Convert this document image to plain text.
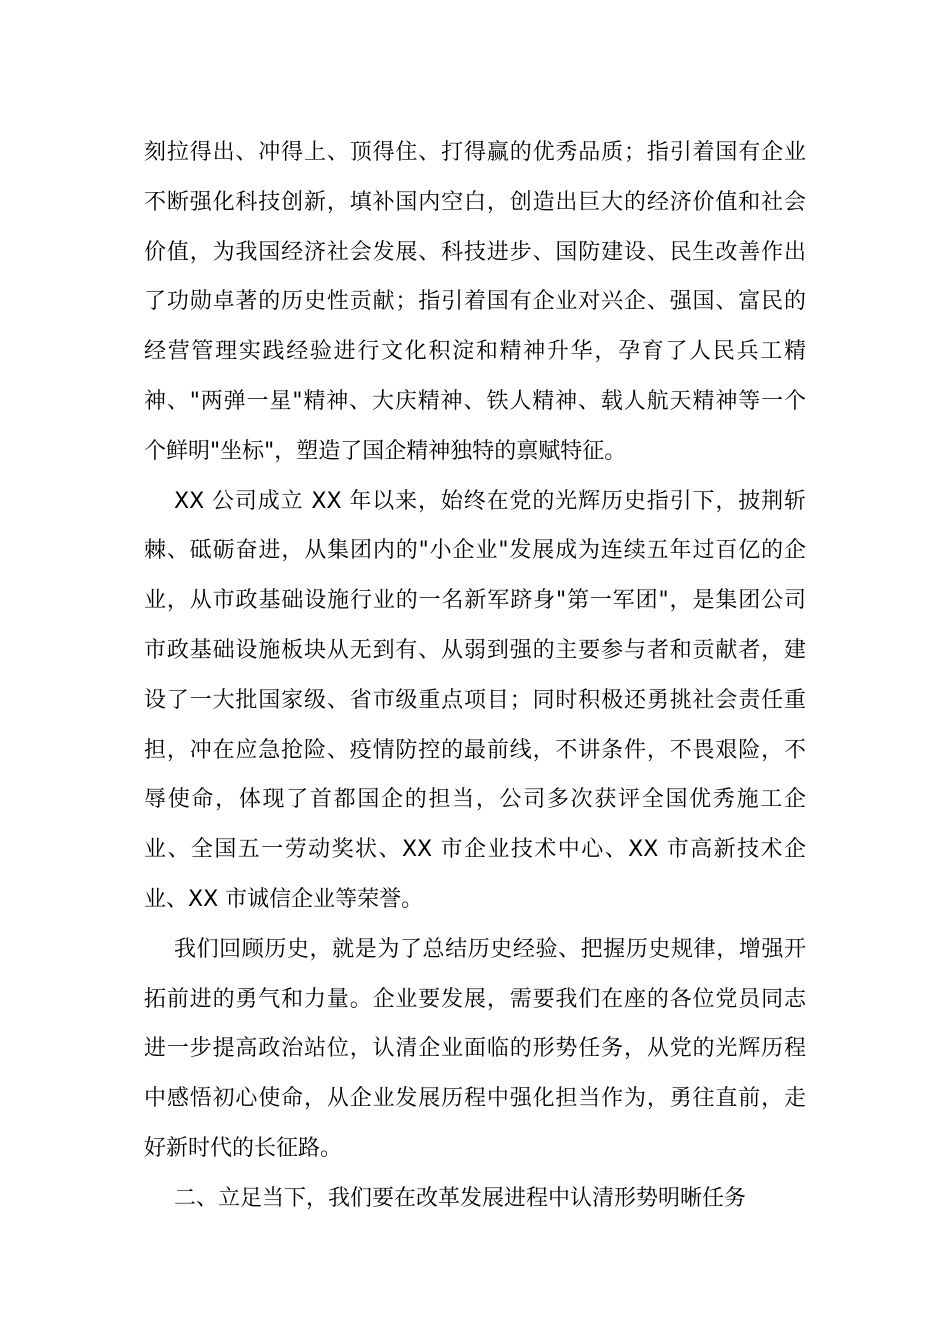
刻拉得出、冲得上、顶得住、打得赢的优秀品质；指引着国有企业
不断强化科技创新，填补国内空白，创造出巨大的经济价值和社会
价值，为我国经济社会发展、科技进步、国防建设、民生改善作出
了功勋卓著的历史性贡献；指引着国有企业对兴企、强国、富民的
经营管理实践经验进行文化积淀和精神升华，孕育了人民兵工精
神、"两弹一星"精神、大庆精神、铁人精神、载人航天精神等一个
个鲜明"坐标"，塑造了国企精神独特的禀赋特征。
XX 公司成立 XX 年以来，始终在党的光辉历史指引下，披荆斩
棘、砥砺奋进，从集团内的"小企业"发展成为连续五年过百亿的企
业，从市政基础设施行业的一名新军跻身"第一军团"，是集团公司
市政基础设施板块从无到有、从弱到强的主要参与者和贡献者，建
设了一大批国家级、省市级重点项目；同时积极还勇挑社会责任重
担，冲在应急抢险、疫情防控的最前线，不讲条件，不畏艰险，不
辱使命，体现了首都国企的担当，公司多次获评全国优秀施工企
业、全国五一劳动奖状、XX 市企业技术中心、XX 市高新技术企
业、XX 市诚信企业等荣誉。
我们回顾历史，就是为了总结历史经验、把握历史规律，增强开
拓前进的勇气和力量。企业要发展，需要我们在座的各位党员同志
进一步提高政治站位，认清企业面临的形势任务，从党的光辉历程
中感悟初心使命，从企业发展历程中强化担当作为，勇往直前，走
好新时代的长征路。
二、立足当下，我们要在改革发展进程中认清形势明晰任务
